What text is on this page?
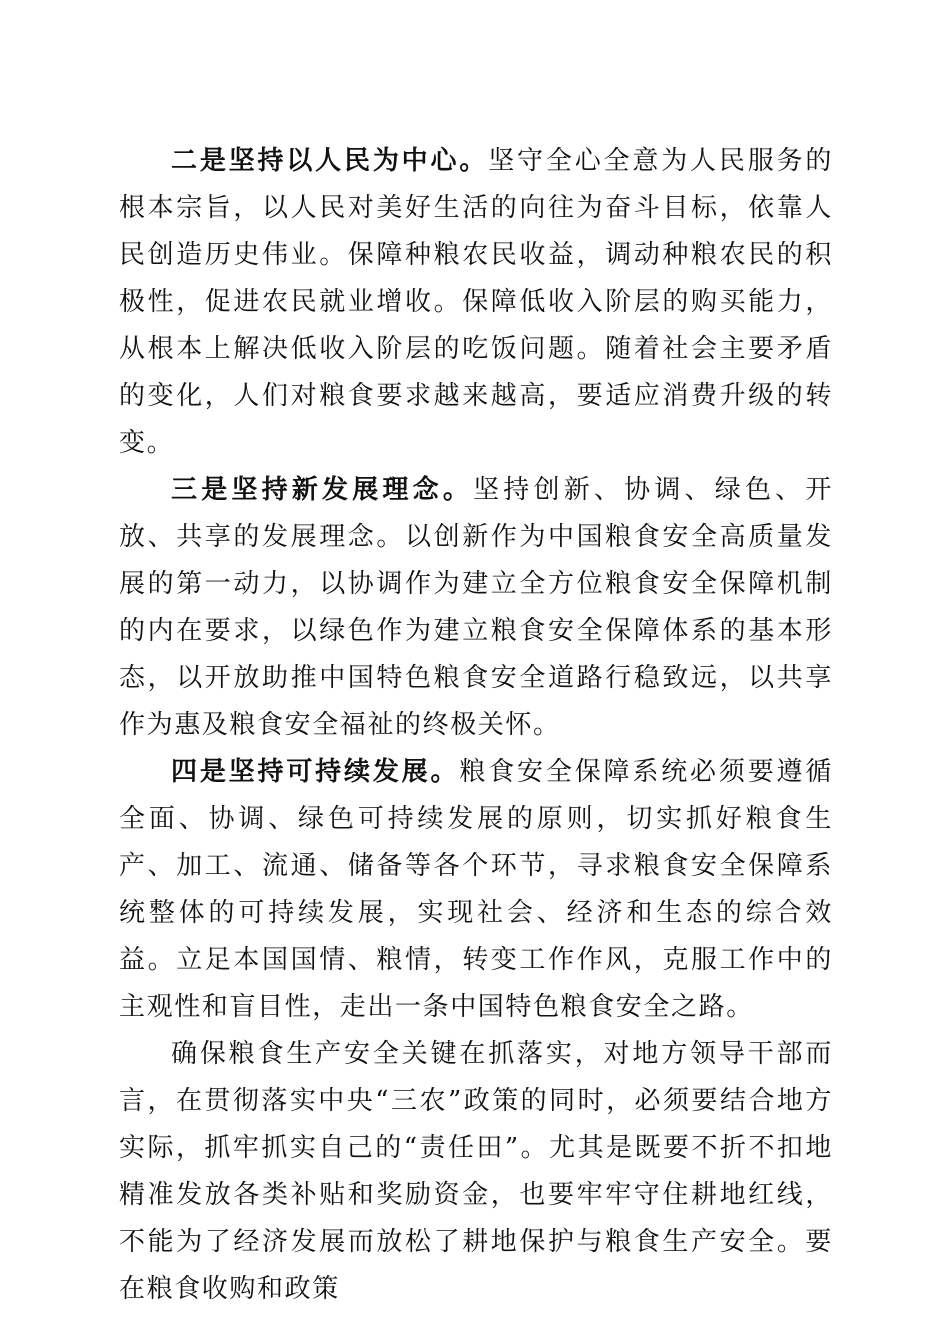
二是坚持以人民为中心。坚守全心全意为人民服务的根本宗旨，以人民对美好生活的向往为奋斗目标，依靠人民创造历史伟业。保障种粮农民收益，调动种粮农民的积极性，促进农民就业增收。保障低收入阶层的购买能力，从根本上解决低收入阶层的吃饭问题。随着社会主要矛盾的变化，人们对粮食要求越来越高，要适应消费升级的转变。

三是坚持新发展理念。坚持创新、协调、绿色、开放、共享的发展理念。以创新作为中国粮食安全高质量发展的第一动力，以协调作为建立全方位粮食安全保障机制的内在要求，以绿色作为建立粮食安全保障体系的基本形态，以开放助推中国特色粮食安全道路行稳致远，以共享作为惠及粮食安全福祉的终极关怀。

四是坚持可持续发展。粮食安全保障系统必须要遵循全面、协调、绿色可持续发展的原则，切实抓好粮食生产、加工、流通、储备等各个环节，寻求粮食安全保障系统整体的可持续发展，实现社会、经济和生态的综合效益。立足本国国情、粮情，转变工作作风，克服工作中的主观性和盲目性，走出一条中国特色粮食安全之路。

确保粮食生产安全关键在抓落实，对地方领导干部而言，在贯彻落实中央“三农”政策的同时，必须要结合地方实际，抓牢抓实自己的“责任田”。尤其是既要不折不扣地精准发放各类补贴和奖励资金，也要牢牢守住耕地红线，不能为了经济发展而放松了耕地保护与粮食生产安全。要在粮食收购和政策
